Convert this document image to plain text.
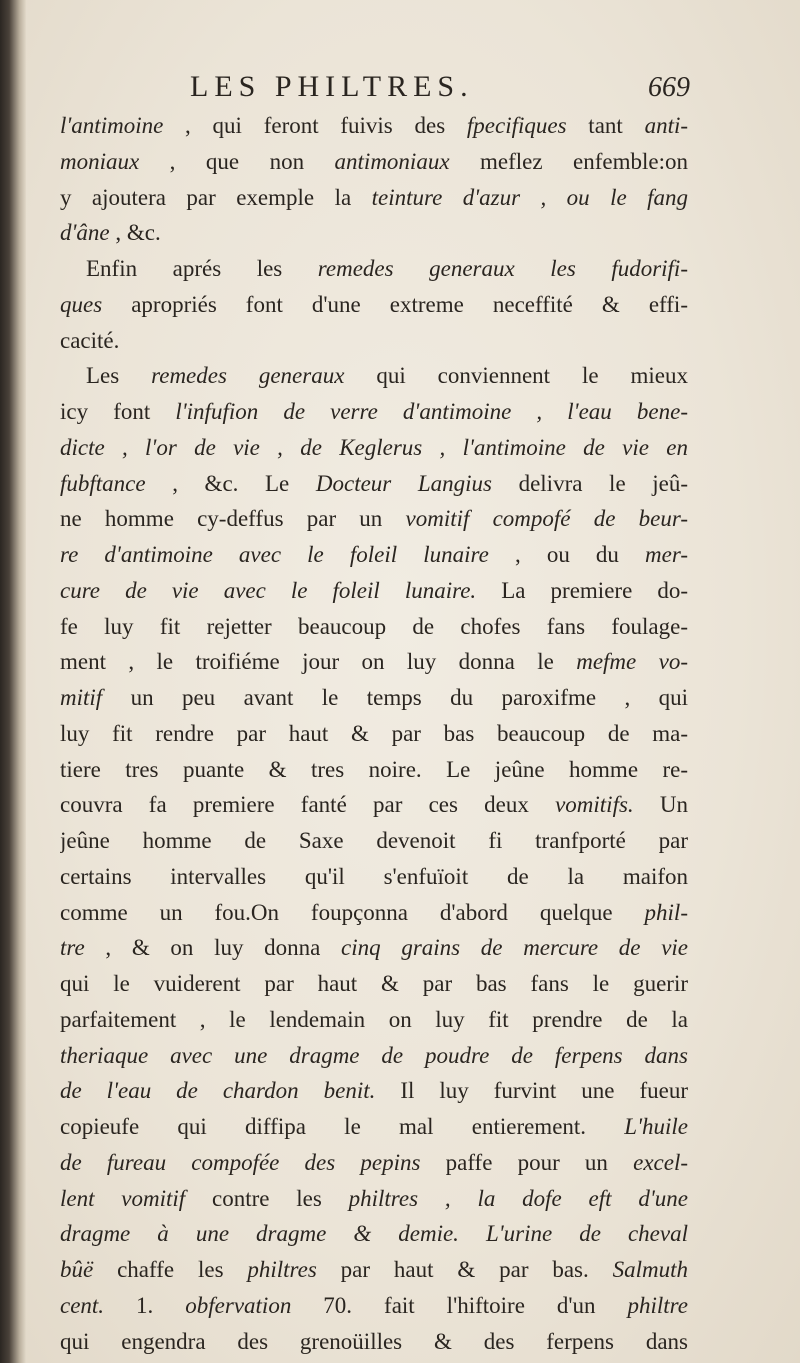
LES PHILTRES.	669
l'antimoine , qui feront fuivis des fpecifiques tant anti-
moniaux , que non antimoniaux meflez enfemble:on
y ajoutera par exemple la teinture d'azur , ou le fang
d'âne , &c.
Enfin aprés les remedes generaux les fudorifi-
ques apropriés font d'une extreme neceffité & effi-
cacité.
Les remedes generaux qui conviennent le mieux
icy font l'infufion de verre d'antimoine , l'eau bene-
dicte , l'or de vie , de Keglerus , l'antimoine de vie en
fubftance , &c. Le Docteur Langius delivra le jeû-
ne homme cy-deffus par un vomitif compofé de beur-
re d'antimoine avec le foleil lunaire , ou du mer-
cure de vie avec le foleil lunaire. La premiere do-
fe luy fit rejetter beaucoup de chofes fans foulage-
ment , le troifiéme jour on luy donna le mefme vo-
mitif un peu avant le temps du paroxifme , qui
luy fit rendre par haut & par bas beaucoup de ma-
tiere tres puante & tres noire. Le jeûne homme re-
couvra fa premiere fanté par ces deux vomitifs. Un
jeûne homme de Saxe devenoit fi tranfporté par
certains intervalles qu'il s'enfuïoit de la maifon
comme un fou.On foupçonna d'abord quelque phil-
tre , & on luy donna cinq grains de mercure de vie
qui le vuiderent par haut & par bas fans le guerir
parfaitement , le lendemain on luy fit prendre de la
theriaque avec une dragme de poudre de ferpens dans
de l'eau de chardon benit. Il luy furvint une fueur
copieufe qui diffipa le mal entierement. L'huile
de fureau compofée des pepins paffe pour un excel-
lent vomitif contre les philtres , la dofe eft d'une
dragme à une dragme & demie. L'urine de cheval
bûë chaffe les philtres par haut & par bas. Salmuth
cent. 1. obfervation 70. fait l'hiftoire d'un philtre
qui engendra des grenoüilles & des ferpens dans
